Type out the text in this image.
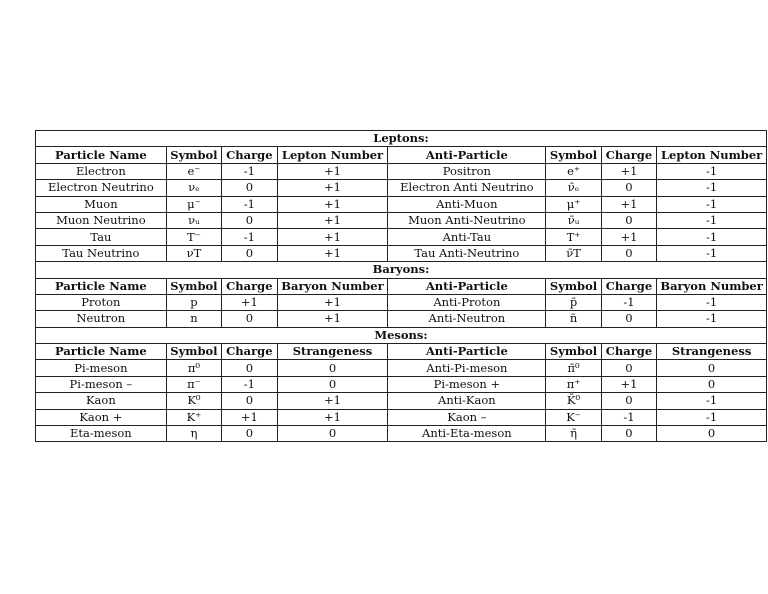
Leptons:							
Particle Name	Symbol	Charge	Lepton Number	Anti-Particle	Symbol	Charge	Lepton Number
Electron	e⁻	-1	+1	Positron	e⁺	+1	-1
Electron Neutrino	νₑ	0	+1	Electron Anti Neutrino	ν̄ₑ	0	-1
Muon	μ⁻	-1	+1	Anti-Muon	μ⁺	+1	-1
Muon Neutrino	νᵤ	0	+1	Muon Anti-Neutrino	ν̄ᵤ	0	-1
Tau	T⁻	-1	+1	Anti-Tau	T⁺	+1	-1
Tau Neutrino	νT	0	+1	Tau Anti-Neutrino	ν̄T	0	-1
Baryons:							
Particle Name	Symbol	Charge	Baryon Number	Anti-Particle	Symbol	Charge	Baryon Number
Proton	p	+1	+1	Anti-Proton	p̄	-1	-1
Neutron	n	0	+1	Anti-Neutron	n̄	0	-1
Mesons:							
Particle Name	Symbol	Charge	Strangeness	Anti-Particle	Symbol	Charge	Strangeness
Pi-meson	π⁰	0	0	Anti-Pi-meson	π̄⁰	0	0
Pi-meson –	π⁻	-1	0	Pi-meson +	π⁺	+1	0
Kaon	K⁰	0	+1	Anti-Kaon	K̄⁰	0	-1
Kaon +	K⁺	+1	+1	Kaon –	K⁻	-1	-1
Eta-meson	η	0	0	Anti-Eta-meson	η̄	0	0
